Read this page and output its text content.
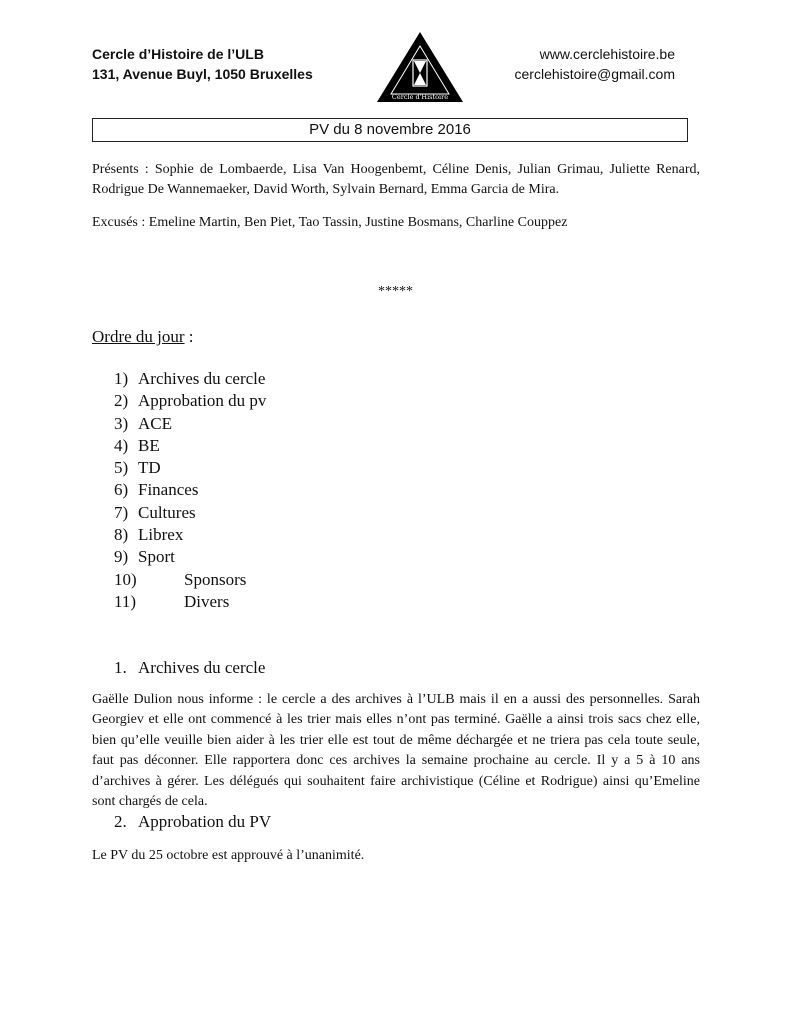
Cercle d’Histoire de l’ULB
131, Avenue Buyl, 1050 Bruxelles
Cercle d'Histoire
www.cerclehistoire.be
cerclehistoire@gmail.com
PV du 8 novembre 2016
Présents : Sophie de Lombaerde, Lisa Van Hoogenbemt, Céline Denis, Julian Grimau, Juliette Renard, Rodrigue De Wannemaeker, David Worth, Sylvain Bernard, Emma Garcia de Mira.
Excusés : Emeline Martin, Ben Piet, Tao Tassin, Justine Bosmans, Charline Couppez
*****
Ordre du jour :
1) Archives du cercle
2) Approbation du pv
3) ACE
4) BE
5) TD
6) Finances
7) Cultures
8) Librex
9) Sport
10)	Sponsors
11)	Divers
1. Archives du cercle
Gaëlle Dulion nous informe : le cercle a des archives à l’ULB mais il en a aussi des personnelles. Sarah Georgiev et elle ont commencé à les trier mais elles n’ont pas terminé. Gaëlle a ainsi trois sacs chez elle, bien qu’elle veuille bien aider à les trier elle est tout de même déchargée et ne triera pas cela toute seule, faut pas déconner. Elle rapportera donc ces archives la semaine prochaine au cercle. Il y a 5 à 10 ans d’archives à gérer. Les délégués qui souhaitent faire archivistique (Céline et Rodrigue) ainsi qu’Emeline sont chargés de cela.
2. Approbation du PV
Le PV du 25 octobre est approuvé à l’unanimité.
